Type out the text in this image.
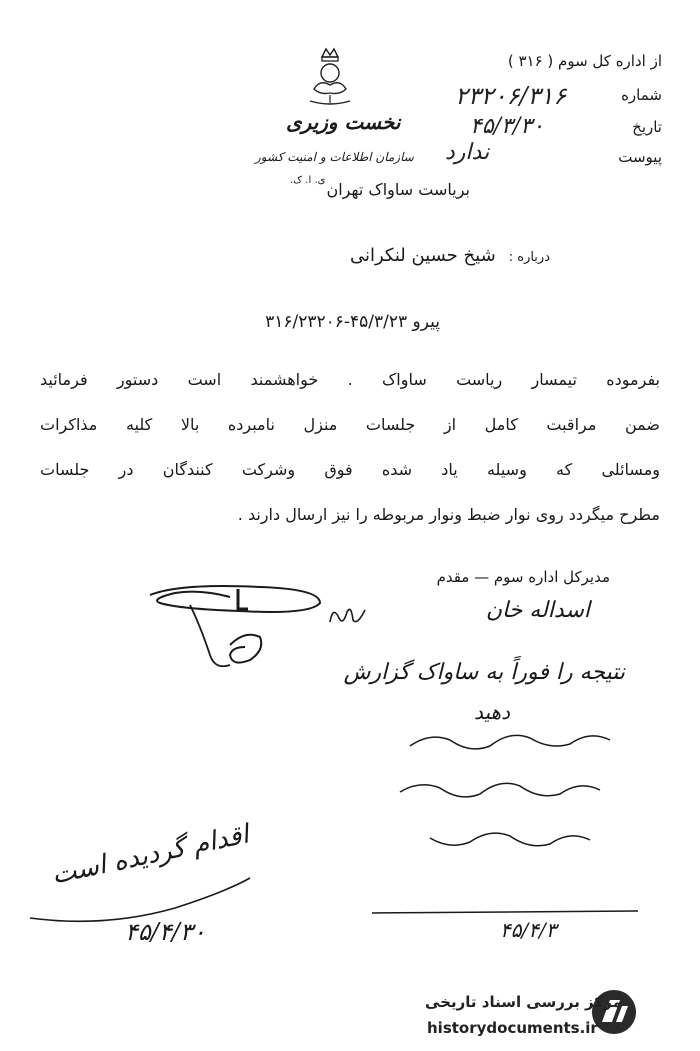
نخست وزیری
سازمان اطلاعات و امنیت کشور
ی. ا. ک.
از اداره کل سوم ( ۳۱۶ )
شماره
۲۳۲۰۶/۳۱۶
تاریخ
۴۵/۳/۳۰
پیوست
ندارد
بریاست ساواک تهران
درباره : شیخ حسین لنکرانی
پیرو ۴۵/۳/۲۳-۳۱۶/۲۳۲۰۶
بفرموده تیمسار ریاست ساواک . خواهشمند است دستور فرمائید
ضمن مراقبت کامل از جلسات منزل نامبرده بالا کلیه مذاکرات
ومسائلی که وسیله یاد شده فوق وشرکت کنندگان در جلسات
مطرح میگردد روی نوار ضبط ونوار مربوطه را نیز ارسال دارند .
مدیرکل اداره سوم — مقدم
اسداله خان
نتیجه را فوراً به ساواک گزارش
دهید
۴۵/۴/۳
اقدام گردیده است
۴۵/۴/۳۰
مرکز بررسی اسناد تاریخی
historydocuments.ir
